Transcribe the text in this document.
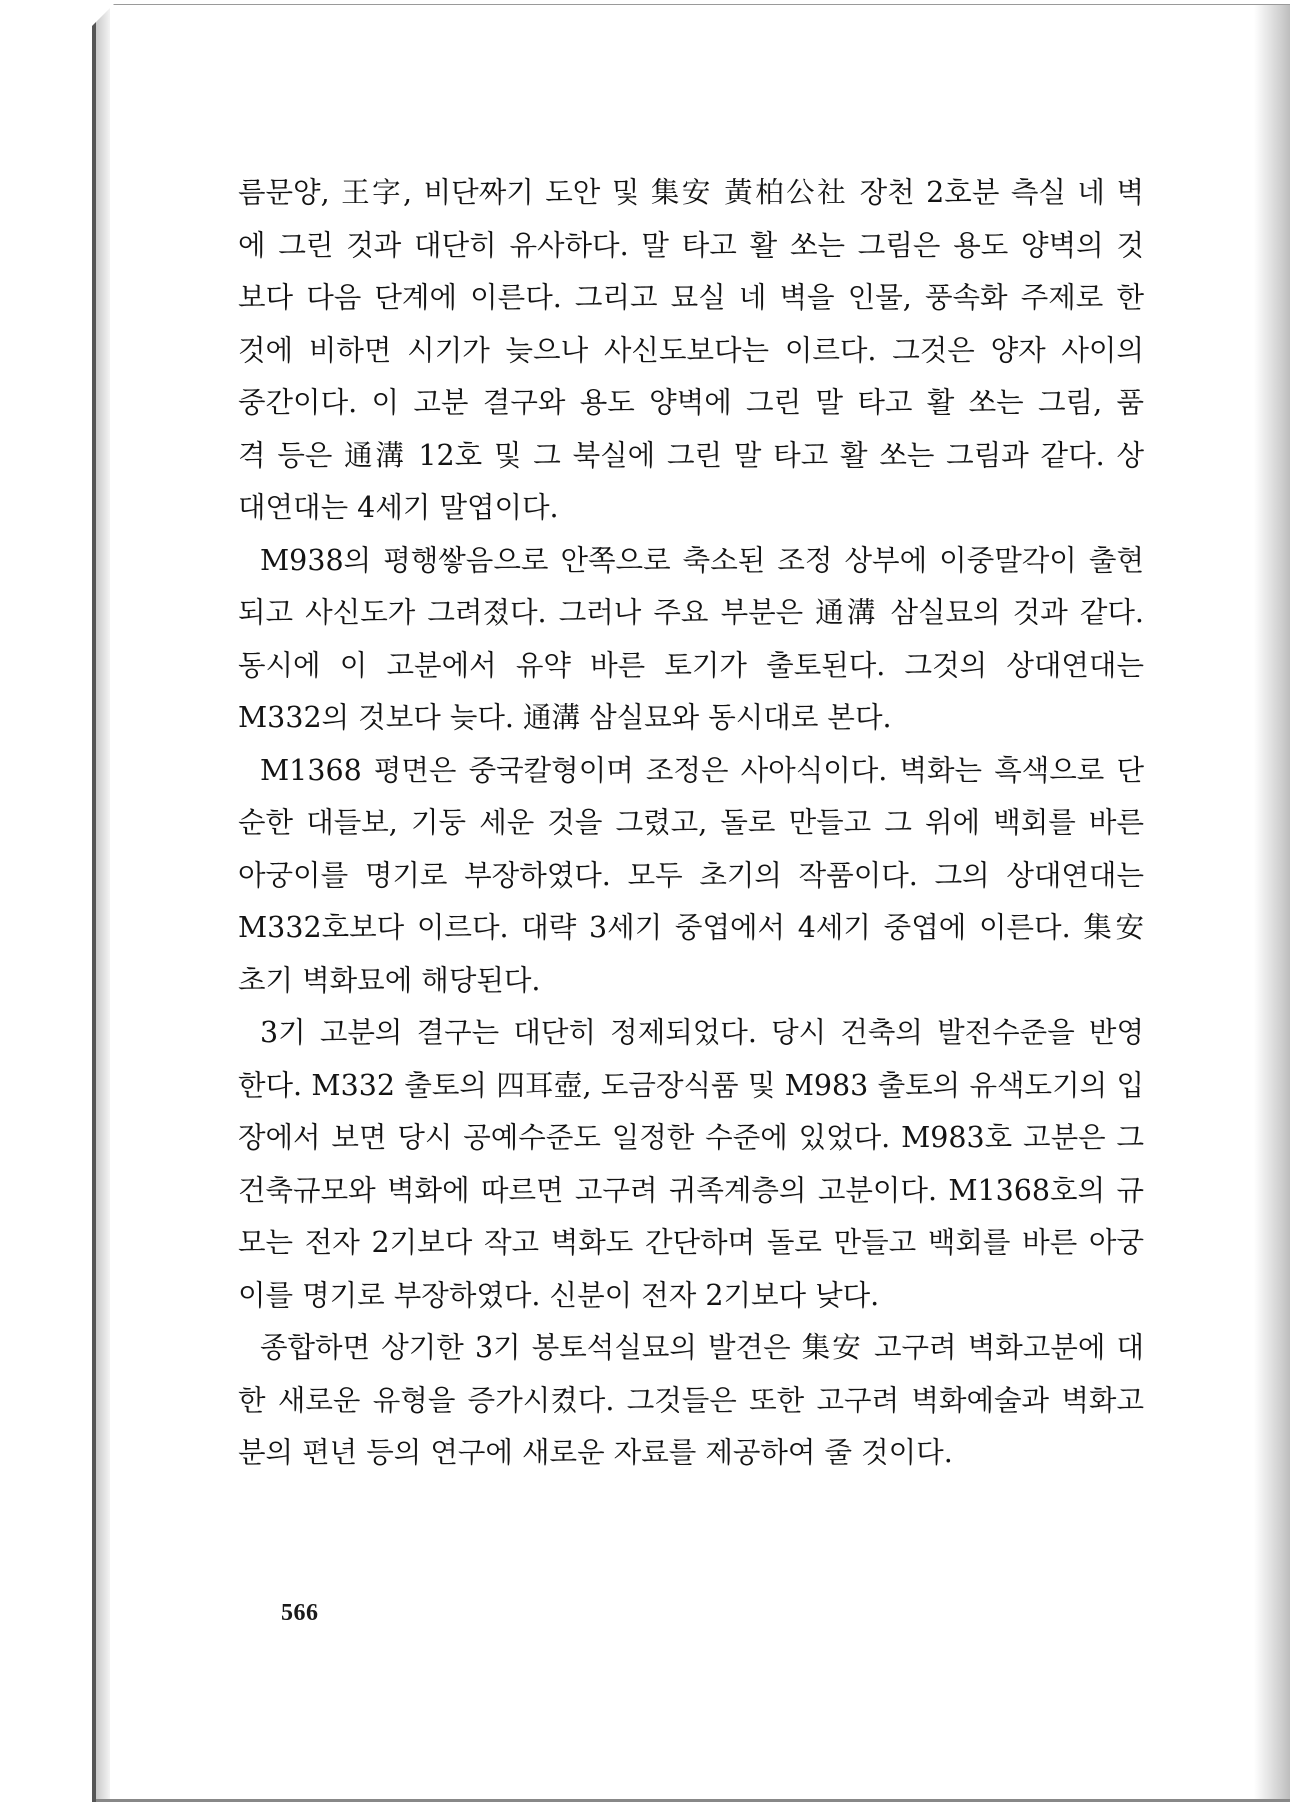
름문양, 王字, 비단짜기 도안 및 集安 黃柏公社 장천 2호분 측실 네 벽
에 그린 것과 대단히 유사하다. 말 타고 활 쏘는 그림은 용도 양벽의 것
보다 다음 단계에 이른다. 그리고 묘실 네 벽을 인물, 풍속화 주제로 한
것에 비하면 시기가 늦으나 사신도보다는 이르다. 그것은 양자 사이의
중간이다. 이 고분 결구와 용도 양벽에 그린 말 타고 활 쏘는 그림, 품
격 등은 通溝 12호 및 그 북실에 그린 말 타고 활 쏘는 그림과 같다. 상
대연대는 4세기 말엽이다.

M938의 평행쌓음으로 안쪽으로 축소된 조정 상부에 이중말각이 출현
되고 사신도가 그려졌다. 그러나 주요 부분은 通溝 삼실묘의 것과 같다.
동시에 이 고분에서 유약 바른 토기가 출토된다. 그것의 상대연대는
M332의 것보다 늦다. 通溝 삼실묘와 동시대로 본다.

M1368 평면은 중국칼형이며 조정은 사아식이다. 벽화는 흑색으로 단
순한 대들보, 기둥 세운 것을 그렸고, 돌로 만들고 그 위에 백회를 바른
아궁이를 명기로 부장하였다. 모두 초기의 작품이다. 그의 상대연대는
M332호보다 이르다. 대략 3세기 중엽에서 4세기 중엽에 이른다. 集安
초기 벽화묘에 해당된다.

3기 고분의 결구는 대단히 정제되었다. 당시 건축의 발전수준을 반영
한다. M332 출토의 四耳壺, 도금장식품 및 M983 출토의 유색도기의 입
장에서 보면 당시 공예수준도 일정한 수준에 있었다. M983호 고분은 그
건축규모와 벽화에 따르면 고구려 귀족계층의 고분이다. M1368호의 규
모는 전자 2기보다 작고 벽화도 간단하며 돌로 만들고 백회를 바른 아궁
이를 명기로 부장하였다. 신분이 전자 2기보다 낮다.

종합하면 상기한 3기 봉토석실묘의 발견은 集安 고구려 벽화고분에 대
한 새로운 유형을 증가시켰다. 그것들은 또한 고구려 벽화예술과 벽화고
분의 편년 등의 연구에 새로운 자료를 제공하여 줄 것이다.

566
